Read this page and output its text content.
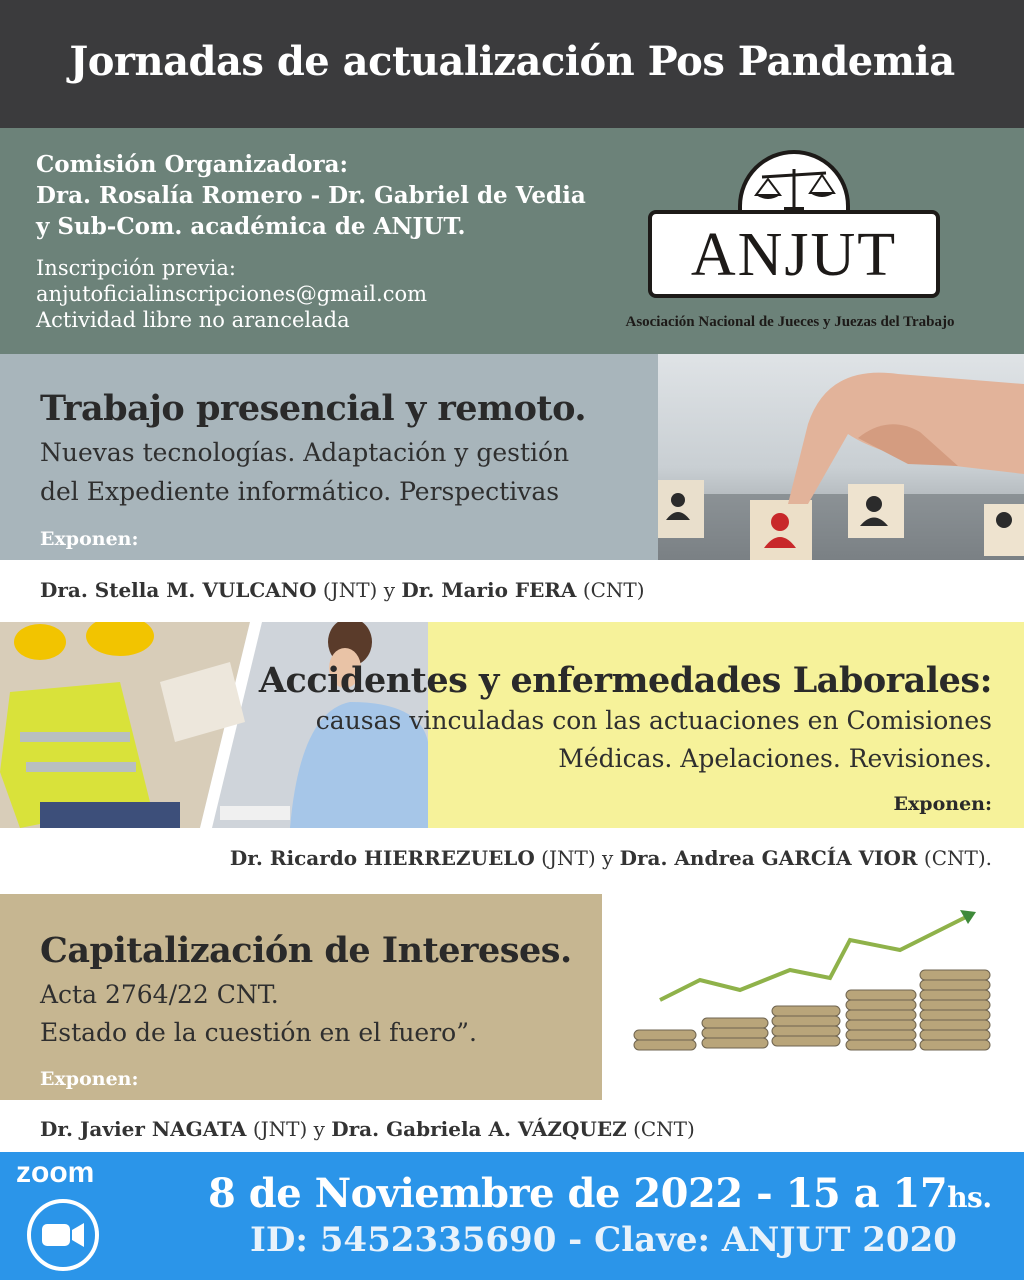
Jornadas de actualización Pos Pandemia
Comisión Organizadora:
Dra. Rosalía Romero - Dr. Gabriel de Vedia
y Sub-Com. académica de ANJUT.
Inscripción previa:
anjutoficialinscripciones@gmail.com
Actividad libre no arancelada
ANJUT
Asociación Nacional de Jueces y Juezas del Trabajo
Trabajo presencial y remoto.
Nuevas tecnologías. Adaptación y gestión
del Expediente informático. Perspectivas
Exponen:
Dra. Stella M. VULCANO (JNT) y Dr. Mario FERA (CNT)
Accidentes y enfermedades Laborales:
causas vinculadas con las actuaciones en Comisiones
Médicas. Apelaciones. Revisiones.
Exponen:
Dr. Ricardo HIERREZUELO (JNT) y Dra. Andrea GARCÍA VIOR (CNT).
Capitalización de Intereses.
Acta 2764/22 CNT.
Estado de la cuestión en el fuero”.
Exponen:
Dr. Javier NAGATA (JNT) y Dra. Gabriela A. VÁZQUEZ (CNT)
zoom	8 de Noviembre de 2022 - 15 a 17hs.
ID: 5452335690 - Clave: ANJUT 2020
